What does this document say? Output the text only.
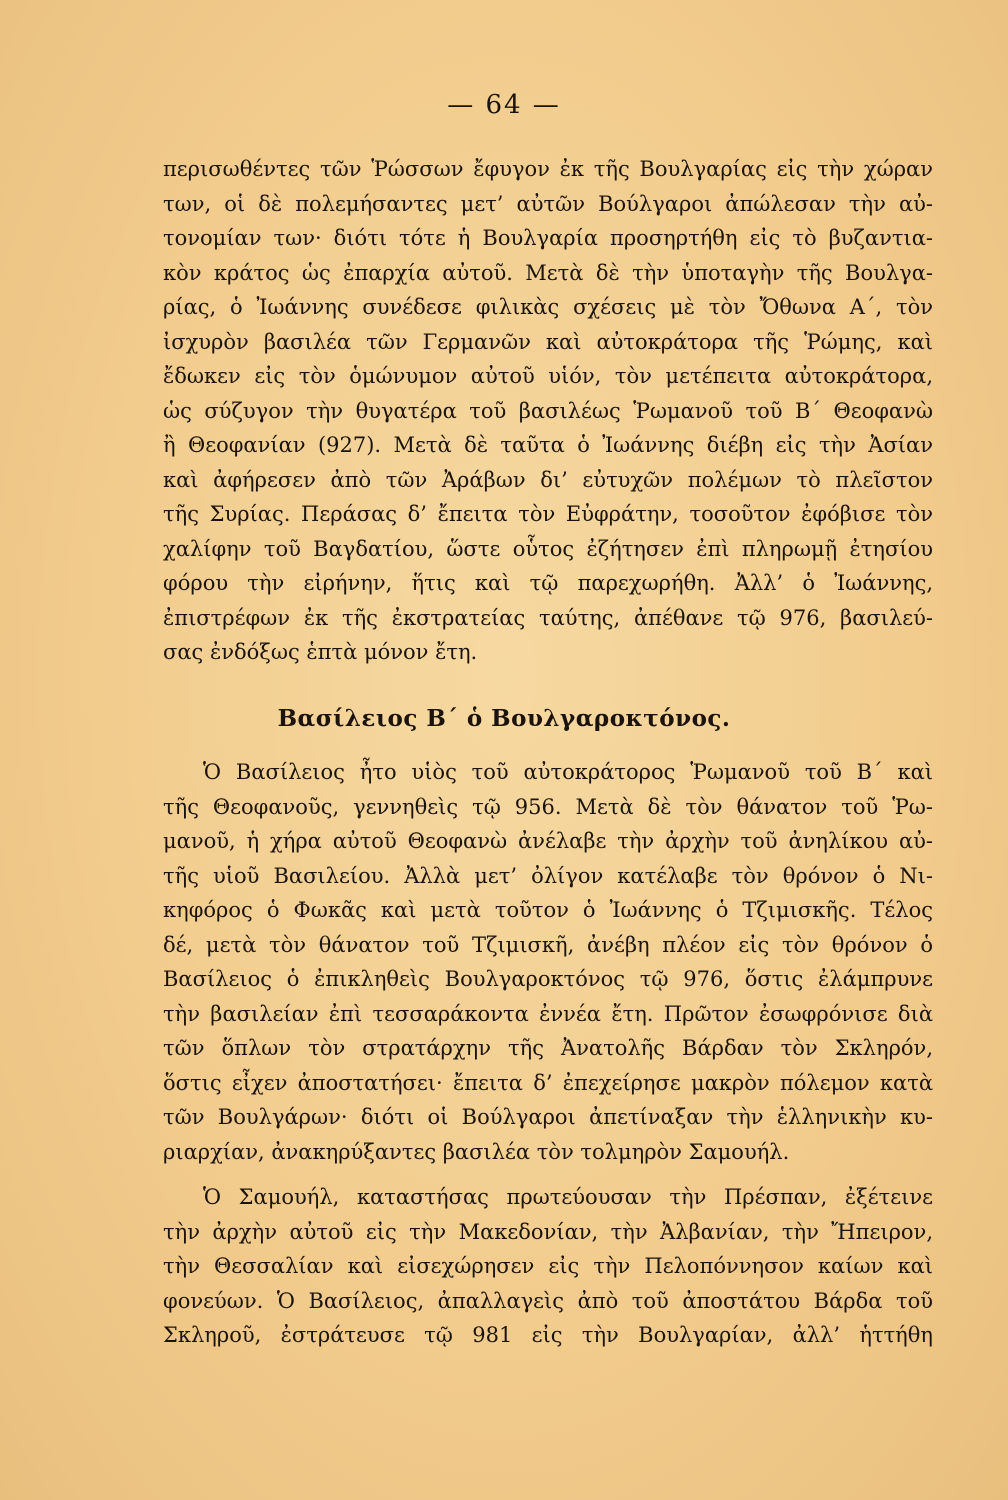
— 64 —
περισωθέντες τῶν Ῥώσσων ἔφυγον ἐκ τῆς Βουλγαρίας εἰς τὴν χώραν
των, οἱ δὲ πολεμήσαντες μετ’ αὐτῶν Βούλγαροι ἀπώλεσαν τὴν αὐ-
τονομίαν των· διότι τότε ἡ Βουλγαρία προσηρτήθη εἰς τὸ βυζαντια-
κὸν κράτος ὡς ἐπαρχία αὐτοῦ. Μετὰ δὲ τὴν ὑποταγὴν τῆς Βουλγα-
ρίας, ὁ Ἰωάννης συνέδεσε φιλικὰς σχέσεις μὲ τὸν Ὄθωνα Α΄, τὸν
ἰσχυρὸν βασιλέα τῶν Γερμανῶν καὶ αὐτοκράτορα τῆς Ῥώμης, καὶ
ἔδωκεν εἰς τὸν ὁμώνυμον αὐτοῦ υἱόν, τὸν μετέπειτα αὐτοκράτορα,
ὡς σύζυγον τὴν θυγατέρα τοῦ βασιλέως Ῥωμανοῦ τοῦ Β΄ Θεοφανὼ
ἢ Θεοφανίαν (927). Μετὰ δὲ ταῦτα ὁ Ἰωάννης διέβη εἰς τὴν Ἀσίαν
καὶ ἀφήρεσεν ἀπὸ τῶν Ἀράβων δι’ εὐτυχῶν πολέμων τὸ πλεῖστον
τῆς Συρίας. Περάσας δ’ ἔπειτα τὸν Εὐφράτην, τοσοῦτον ἐφόβισε τὸν
χαλίφην τοῦ Βαγδατίου, ὥστε οὗτος ἐζήτησεν ἐπὶ πληρωμῇ ἐτησίου
φόρου τὴν εἰρήνην, ἥτις καὶ τῷ παρεχωρήθη. Ἀλλ’ ὁ Ἰωάννης,
ἐπιστρέφων ἐκ τῆς ἐκστρατείας ταύτης, ἀπέθανε τῷ 976, βασιλεύ-
σας ἐνδόξως ἑπτὰ μόνον ἔτη.
Βασίλειος Β΄ ὁ Βουλγαροκτόνος.
Ὁ Βασίλειος ἦτο υἱὸς τοῦ αὐτοκράτορος Ῥωμανοῦ τοῦ Β΄ καὶ
τῆς Θεοφανοῦς, γεννηθεὶς τῷ 956. Μετὰ δὲ τὸν θάνατον τοῦ Ῥω-
μανοῦ, ἡ χήρα αὐτοῦ Θεοφανὼ ἀνέλαβε τὴν ἀρχὴν τοῦ ἀνηλίκου αὐ-
τῆς υἱοῦ Βασιλείου. Ἀλλὰ μετ’ ὀλίγον κατέλαβε τὸν θρόνον ὁ Νι-
κηφόρος ὁ Φωκᾶς καὶ μετὰ τοῦτον ὁ Ἰωάννης ὁ Τζιμισκῆς. Τέλος
δέ, μετὰ τὸν θάνατον τοῦ Τζιμισκῆ, ἀνέβη πλέον εἰς τὸν θρόνον ὁ
Βασίλειος ὁ ἐπικληθεὶς Βουλγαροκτόνος τῷ 976, ὅστις ἐλάμπρυνε
τὴν βασιλείαν ἐπὶ τεσσαράκοντα ἐννέα ἔτη. Πρῶτον ἐσωφρόνισε διὰ
τῶν ὅπλων τὸν στρατάρχην τῆς Ἀνατολῆς Βάρδαν τὸν Σκληρόν,
ὅστις εἶχεν ἀποστατήσει· ἔπειτα δ’ ἐπεχείρησε μακρὸν πόλεμον κατὰ
τῶν Βουλγάρων· διότι οἱ Βούλγαροι ἀπετίναξαν τὴν ἑλληνικὴν κυ-
ριαρχίαν, ἀνακηρύξαντες βασιλέα τὸν τολμηρὸν Σαμουήλ.
Ὁ Σαμουήλ, καταστήσας πρωτεύουσαν τὴν Πρέσπαν, ἐξέτεινε
τὴν ἀρχὴν αὐτοῦ εἰς τὴν Μακεδονίαν, τὴν Ἀλβανίαν, τὴν Ἤπειρον,
τὴν Θεσσαλίαν καὶ εἰσεχώρησεν εἰς τὴν Πελοπόννησον καίων καὶ
φονεύων. Ὁ Βασίλειος, ἀπαλλαγεὶς ἀπὸ τοῦ ἀποστάτου Βάρδα τοῦ
Σκληροῦ, ἐστράτευσε τῷ 981 εἰς τὴν Βουλγαρίαν, ἀλλ’ ἡττήθη
